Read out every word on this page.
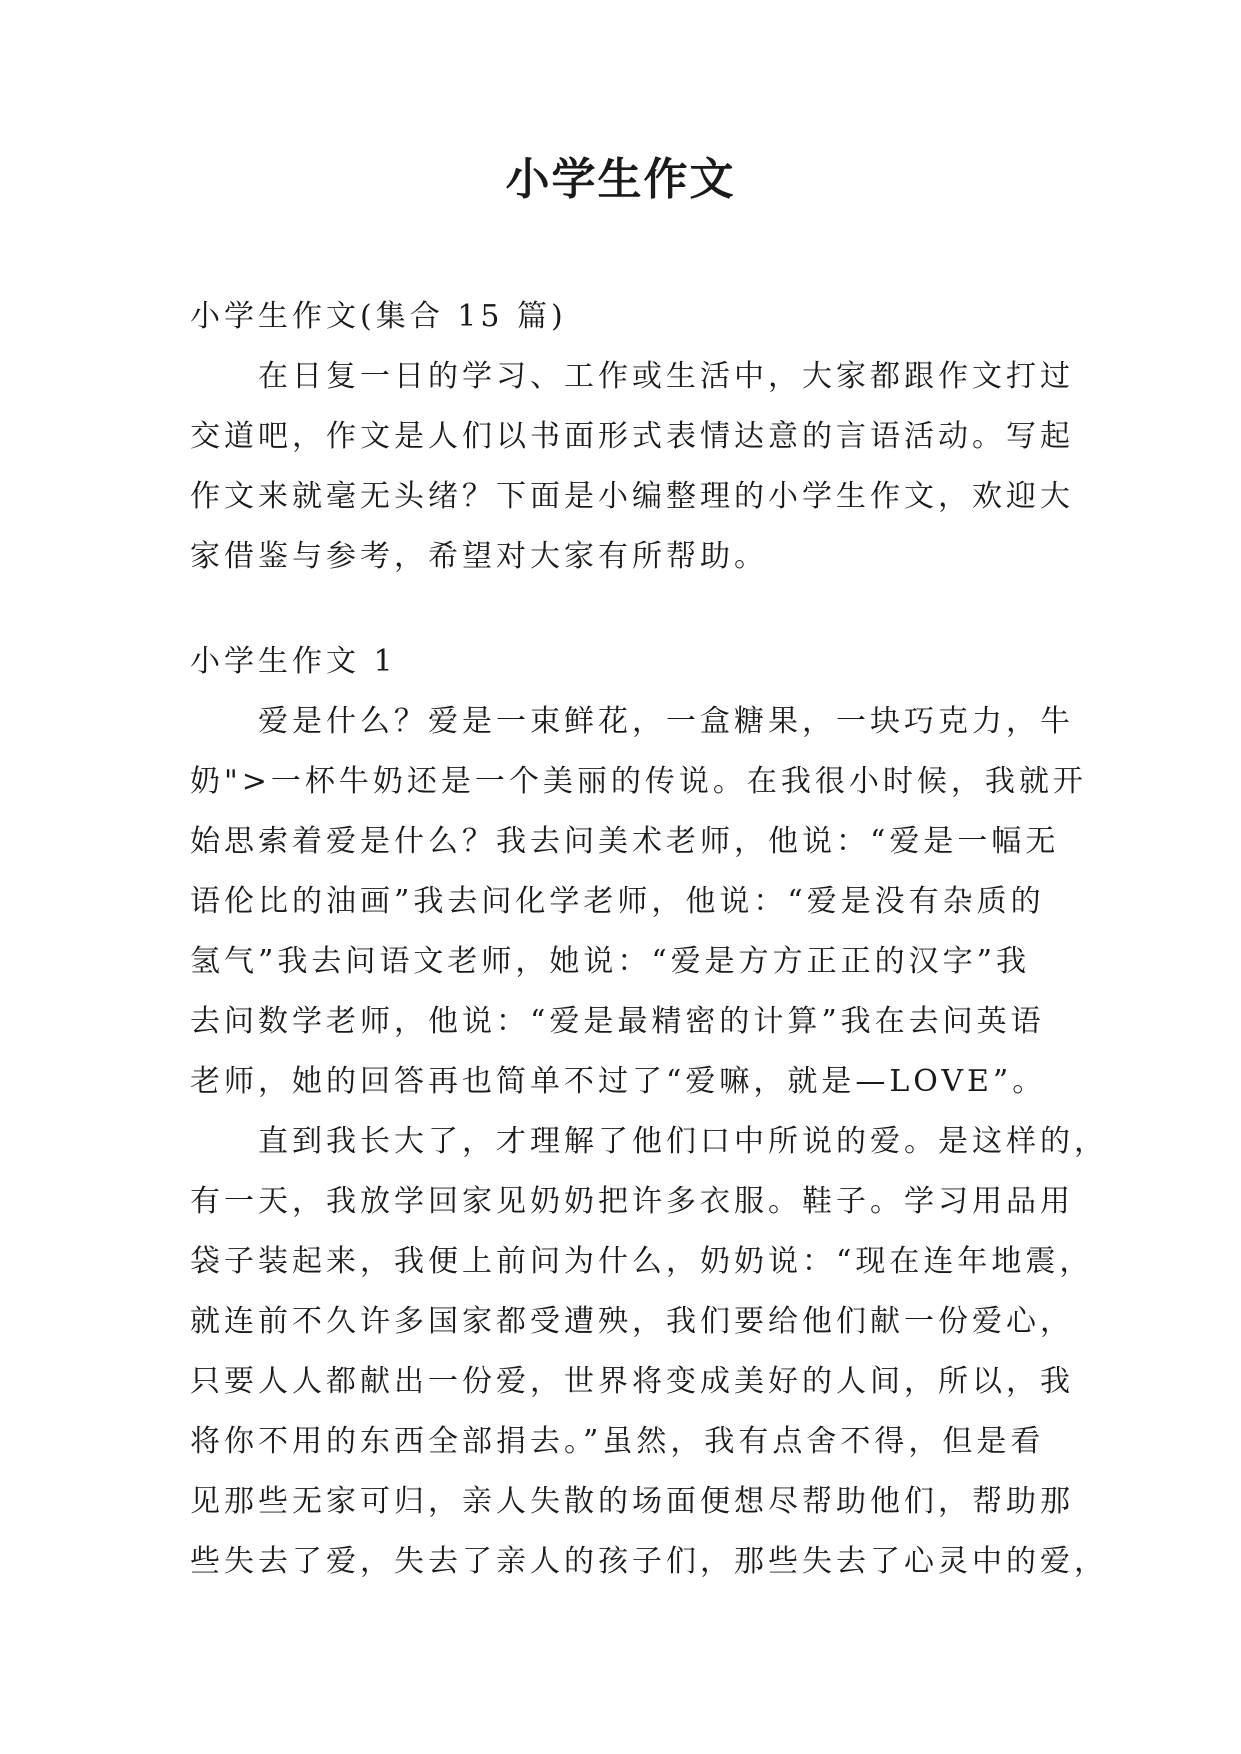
小学生作文
小学生作文(集合 15 篇)
在日复一日的学习、工作或生活中，大家都跟作文打过
交道吧，作文是人们以书面形式表情达意的言语活动。写起
作文来就毫无头绪？下面是小编整理的小学生作文，欢迎大
家借鉴与参考，希望对大家有所帮助。
小学生作文 1
爱是什么？爱是一束鲜花，一盒糖果，一块巧克力，牛
奶">一杯牛奶还是一个美丽的传说。在我很小时候，我就开
始思索着爱是什么？我去问美术老师，他说：“爱是一幅无
语伦比的油画”我去问化学老师，他说：“爱是没有杂质的
氢气”我去问语文老师，她说：“爱是方方正正的汉字”我
去问数学老师，他说：“爱是最精密的计算”我在去问英语
老师，她的回答再也简单不过了“爱嘛，就是—LOVE”。
直到我长大了，才理解了他们口中所说的爱。是这样的，
有一天，我放学回家见奶奶把许多衣服。鞋子。学习用品用
袋子装起来，我便上前问为什么，奶奶说：“现在连年地震，
就连前不久许多国家都受遭殃，我们要给他们献一份爱心，
只要人人都献出一份爱，世界将变成美好的人间，所以，我
将你不用的东西全部捐去。”虽然，我有点舍不得，但是看
见那些无家可归，亲人失散的场面便想尽帮助他们，帮助那
些失去了爱，失去了亲人的孩子们，那些失去了心灵中的爱，
